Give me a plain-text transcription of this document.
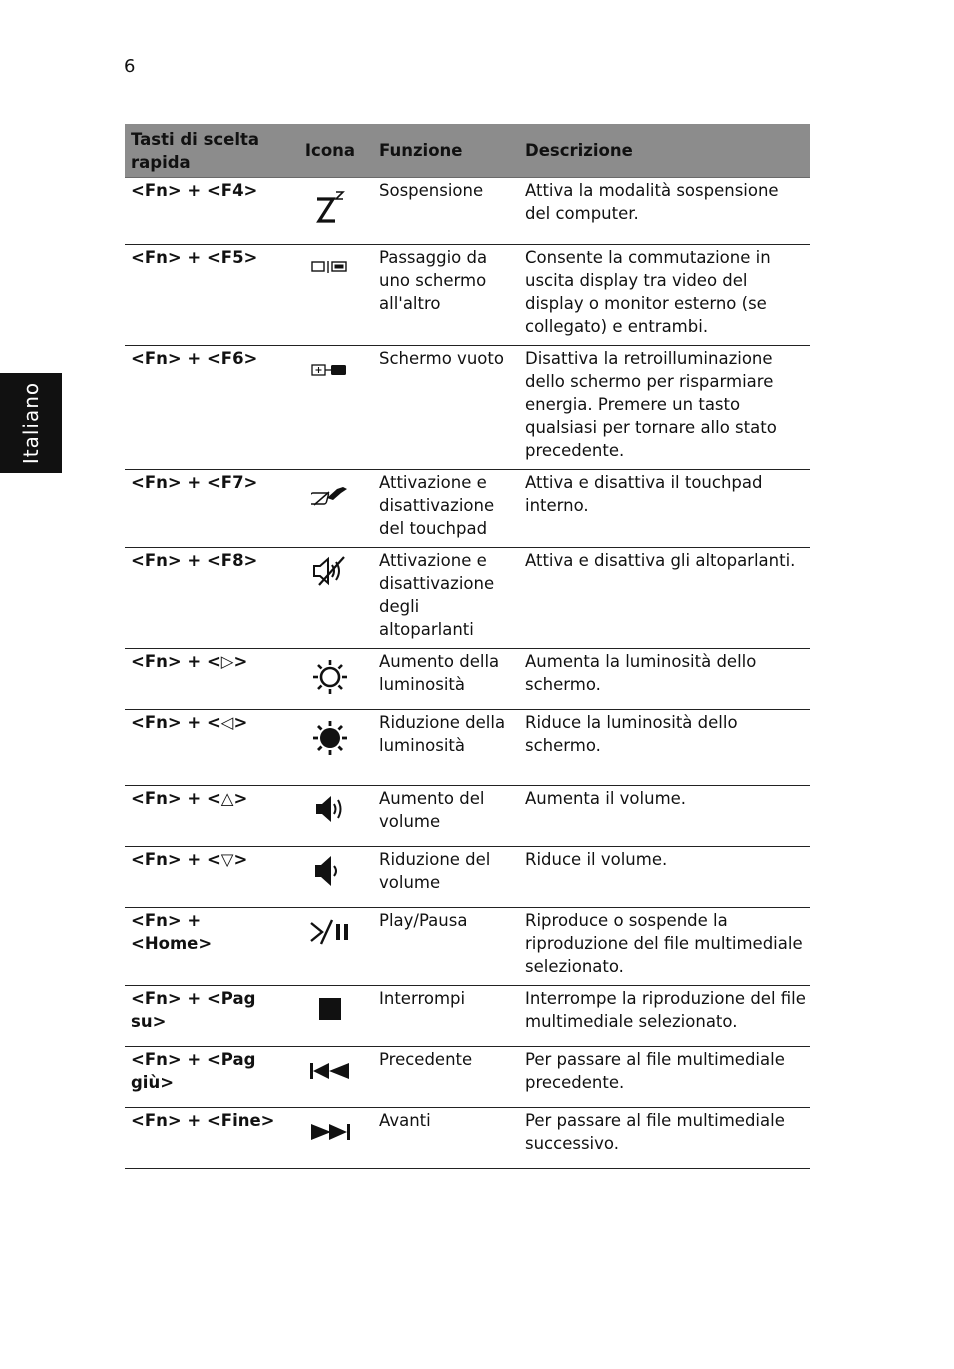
6
Italiano
Tasti di scelta rapida	Icona	Funzione	Descrizione
<Fn> + <F4>		Sospensione	Attiva la modalità sospensione del computer.
<Fn> + <F5>		Passaggio da uno schermo all'altro	Consente la commutazione in uscita display tra video del display o monitor esterno (se collegato) e entrambi.
<Fn> + <F6>		Schermo vuoto	Disattiva la retroilluminazione dello schermo per risparmiare energia. Premere un tasto qualsiasi per tornare allo stato precedente.
<Fn> + <F7>		Attivazione e disattivazione del touchpad	Attiva e disattiva il touchpad interno.
<Fn> + <F8>		Attivazione e disattivazione degli altoparlanti	Attiva e disattiva gli altoparlanti.
<Fn> + <▷>		Aumento della luminosità	Aumenta la luminosità dello schermo.
<Fn> + <◁>		Riduzione della luminosità	Riduce la luminosità dello schermo.
<Fn> + <△>		Aumento del volume	Aumenta il volume.
<Fn> + <▽>		Riduzione del volume	Riduce il volume.
<Fn> + <Home>		Play/Pausa	Riproduce o sospende la riproduzione del file multimediale selezionato.
<Fn> + <Pag su>		Interrompi	Interrompe la riproduzione del file multimediale selezionato.
<Fn> + <Pag giù>		Precedente	Per passare al file multimediale precedente.
<Fn> + <Fine>		Avanti	Per passare al file multimediale successivo.
